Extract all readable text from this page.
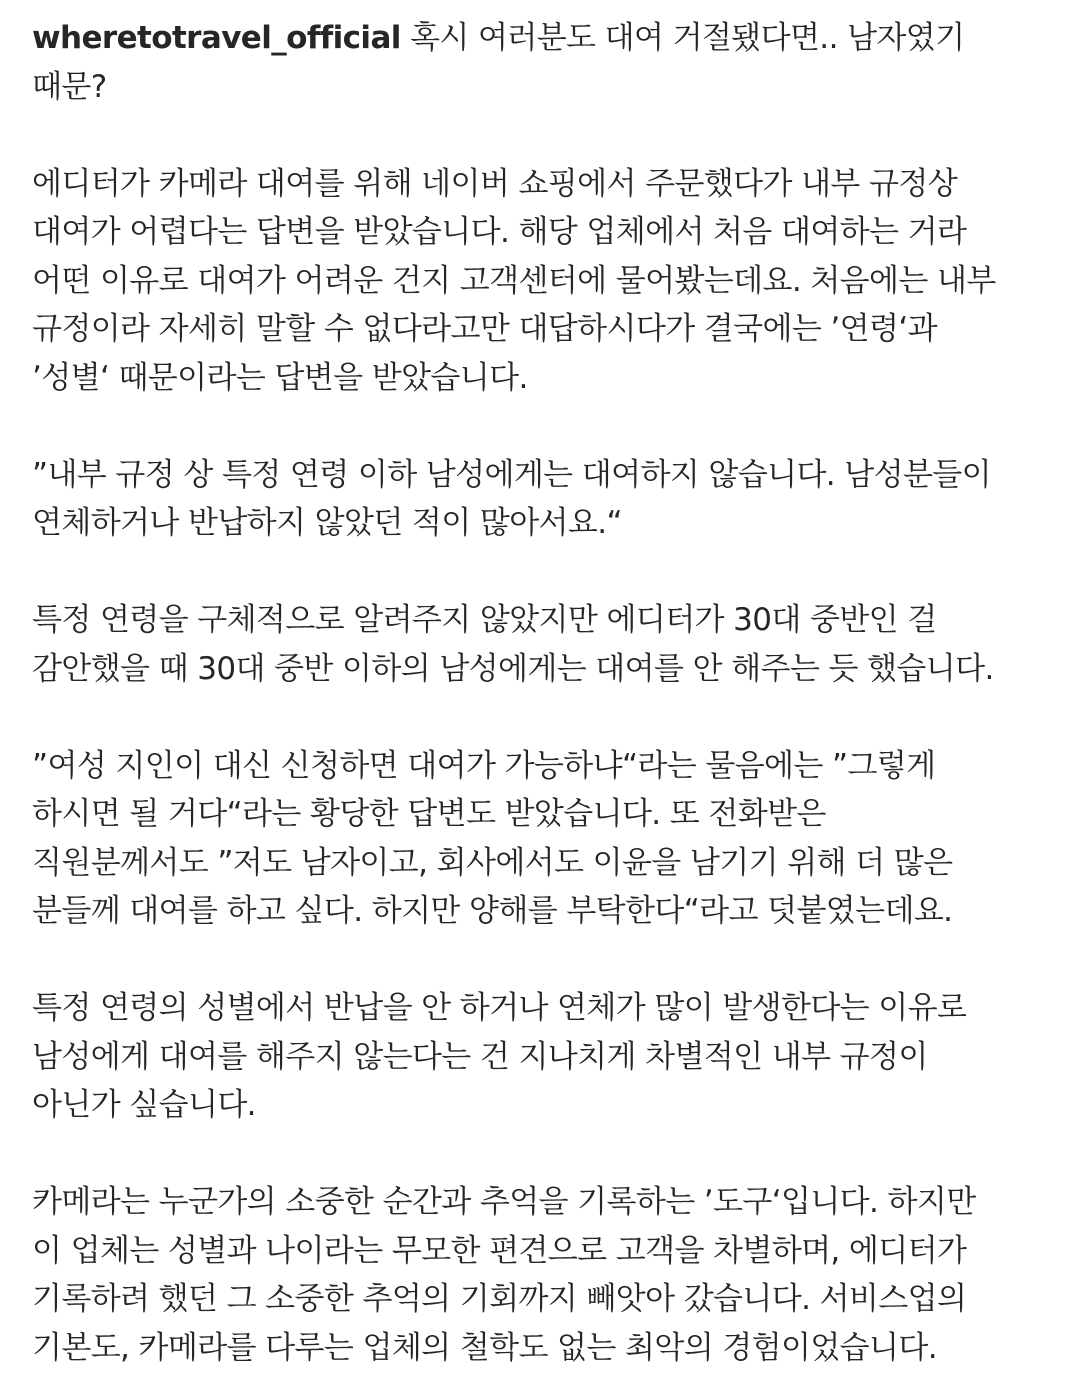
wheretotravel_official 혹시 여러분도 대여 거절됐다면.. 남자였기
때문?
에디터가 카메라 대여를 위해 네이버 쇼핑에서 주문했다가 내부 규정상
대여가 어렵다는 답변을 받았습니다. 해당 업체에서 처음 대여하는 거라
어떤 이유로 대여가 어려운 건지 고객센터에 물어봤는데요. 처음에는 내부
규정이라 자세히 말할 수 없다라고만 대답하시다가 결국에는 ’연령‘과
’성별‘ 때문이라는 답변을 받았습니다.
”내부 규정 상 특정 연령 이하 남성에게는 대여하지 않습니다. 남성분들이
연체하거나 반납하지 않았던 적이 많아서요.“
특정 연령을 구체적으로 알려주지 않았지만 에디터가 30대 중반인 걸
감안했을 때 30대 중반 이하의 남성에게는 대여를 안 해주는 듯 했습니다.
”여성 지인이 대신 신청하면 대여가 가능하냐“라는 물음에는 ”그렇게
하시면 될 거다“라는 황당한 답변도 받았습니다. 또 전화받은
직원분께서도 ”저도 남자이고, 회사에서도 이윤을 남기기 위해 더 많은
분들께 대여를 하고 싶다. 하지만 양해를 부탁한다“라고 덧붙였는데요.
특정 연령의 성별에서 반납을 안 하거나 연체가 많이 발생한다는 이유로
남성에게 대여를 해주지 않는다는 건 지나치게 차별적인 내부 규정이
아닌가 싶습니다.
카메라는 누군가의 소중한 순간과 추억을 기록하는 ’도구‘입니다. 하지만
이 업체는 성별과 나이라는 무모한 편견으로 고객을 차별하며, 에디터가
기록하려 했던 그 소중한 추억의 기회까지 빼앗아 갔습니다. 서비스업의
기본도, 카메라를 다루는 업체의 철학도 없는 최악의 경험이었습니다.
